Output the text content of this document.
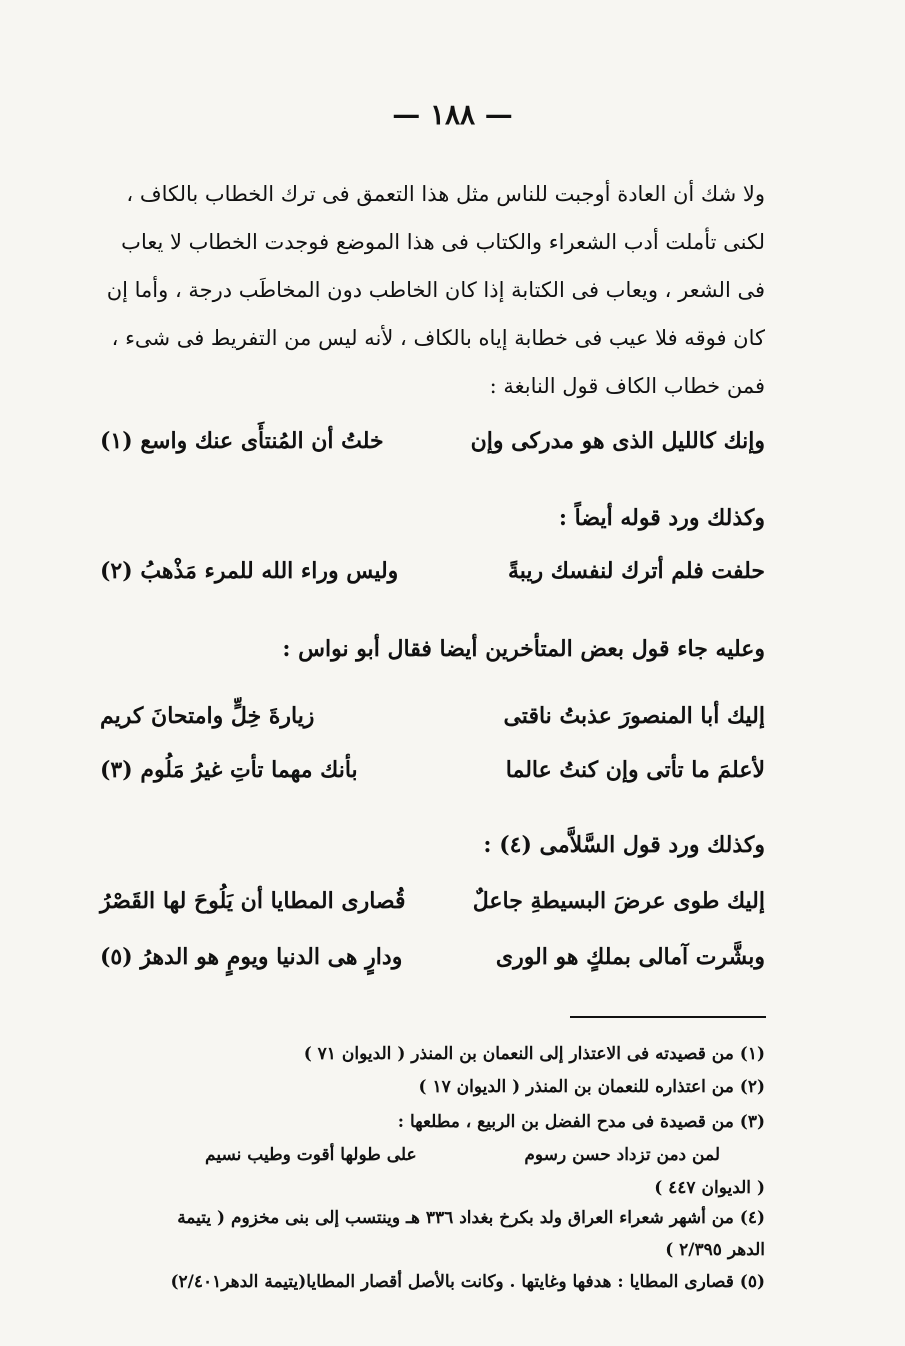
— ١٨٨ —
ولا شك أن العادة أوجبت للناس مثل هذا التعمق فى ترك الخطاب بالكاف ،
لكنى تأملت أدب الشعراء والكتاب فى هذا الموضع فوجدت الخطاب لا يعاب
فى الشعر ، ويعاب فى الكتابة إذا كان الخاطب دون المخاطَب درجة ، وأما إن
كان فوقه فلا عيب فى خطابة إياه بالكاف ، لأنه ليس من التفريط فى شىء ،
فمن خطاب الكاف قول النابغة :
وإنك كالليل الذى هو مدركى وإن
خلتُ أن المُنتأَى عنك واسع (١)
وكذلك ورد قوله أيضاً :
حلفت فلم أترك لنفسك ريبةً
وليس وراء الله للمرء مَذْهبُ (٢)
وعليه جاء قول بعض المتأخرين أيضا فقال أبو نواس :
إليك أبا المنصورَ عذبتُ ناقتى
زيارةَ خِلٍّ وامتحانَ كريم
لأعلمَ ما تأتى وإن كنتُ عالما
بأنك مهما تأتِ غيرُ مَلُوم (٣)
وكذلك ورد قول السَّلاَّمى (٤) :
إليك طوى عرضَ البسيطةِ جاعلٌ
قُصارى المطايا أن يَلُوحَ لها القَصْرُ
وبشَّرت آمالى بملكٍ هو الورى
ودارٍ هى الدنيا ويومٍ هو الدهرُ (٥)
(١) من قصيدته فى الاعتذار إلى النعمان بن المنذر ( الديوان ٧١ )
(٢) من اعتذاره للنعمان بن المنذر ( الديوان ١٧ )
(٣) من قصيدة فى مدح الفضل بن الربيع ، مطلعها :
لمن دمن تزداد حسن رسوم
على طولها أقوت وطيب نسيم
( الديوان ٤٤٧ )
(٤) من أشهر شعراء العراق ولد بكرخ بغداد ٣٣٦ هـ وينتسب إلى بنى مخزوم ( يتيمة
الدهر ٢/٣٩٥ )
(٥) قصارى المطايا : هدفها وغايتها . وكانت بالأصل أقصار المطايا(يتيمة الدهر٢/٤٠١)
